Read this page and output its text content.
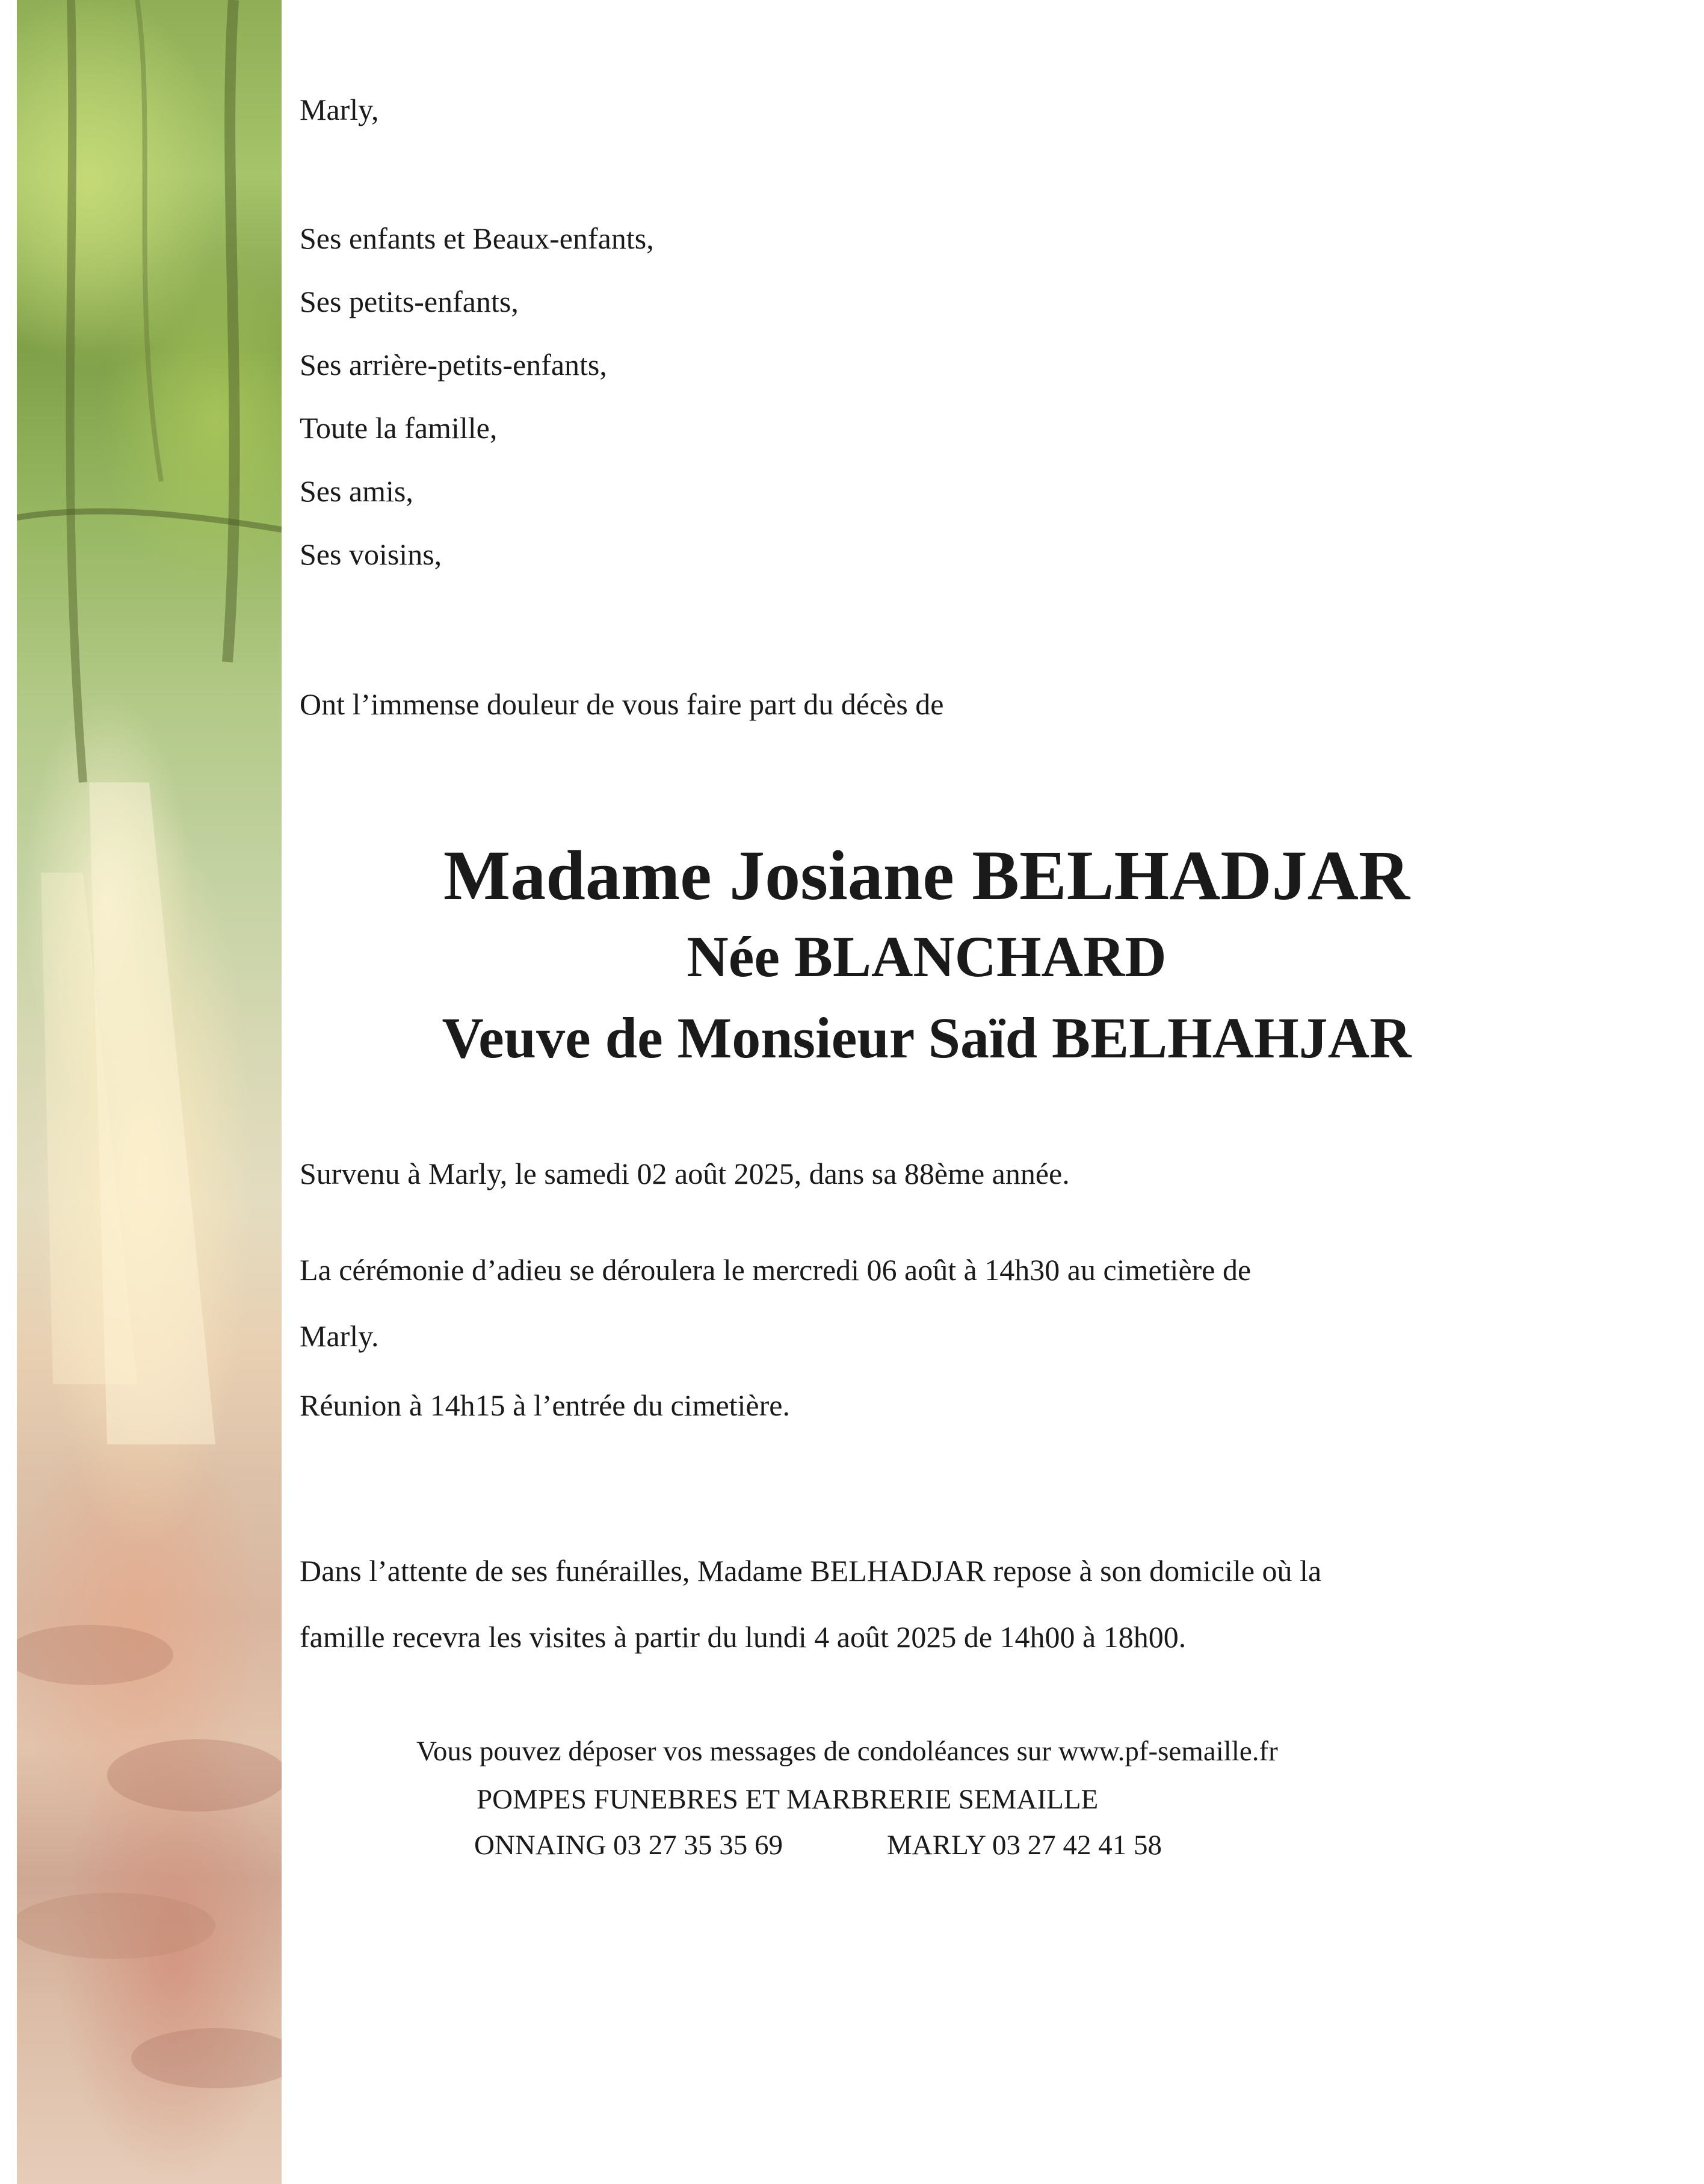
Marly,
Ses enfants et Beaux-enfants,
Ses petits-enfants,
Ses arrière-petits-enfants,
Toute la famille,
Ses amis,
Ses voisins,
Ont l’immense douleur de vous faire part du décès de
Madame Josiane BELHADJAR
Née BLANCHARD
Veuve de Monsieur Saïd BELHAHJAR
Survenu à Marly, le samedi 02 août 2025, dans sa 88ème année.
La cérémonie d’adieu se déroulera le mercredi 06 août à 14h30 au cimetière de
Marly.
Réunion à 14h15 à l’entrée du cimetière.
Dans l’attente de ses funérailles, Madame BELHADJAR repose à son domicile où la
famille recevra les visites à partir du lundi 4 août 2025 de 14h00 à 18h00.
Vous pouvez déposer vos messages de condoléances sur www.pf-semaille.fr
POMPES FUNEBRES ET MARBRERIE SEMAILLE
ONNAING 03 27 35 35 69	MARLY 03 27 42 41 58
